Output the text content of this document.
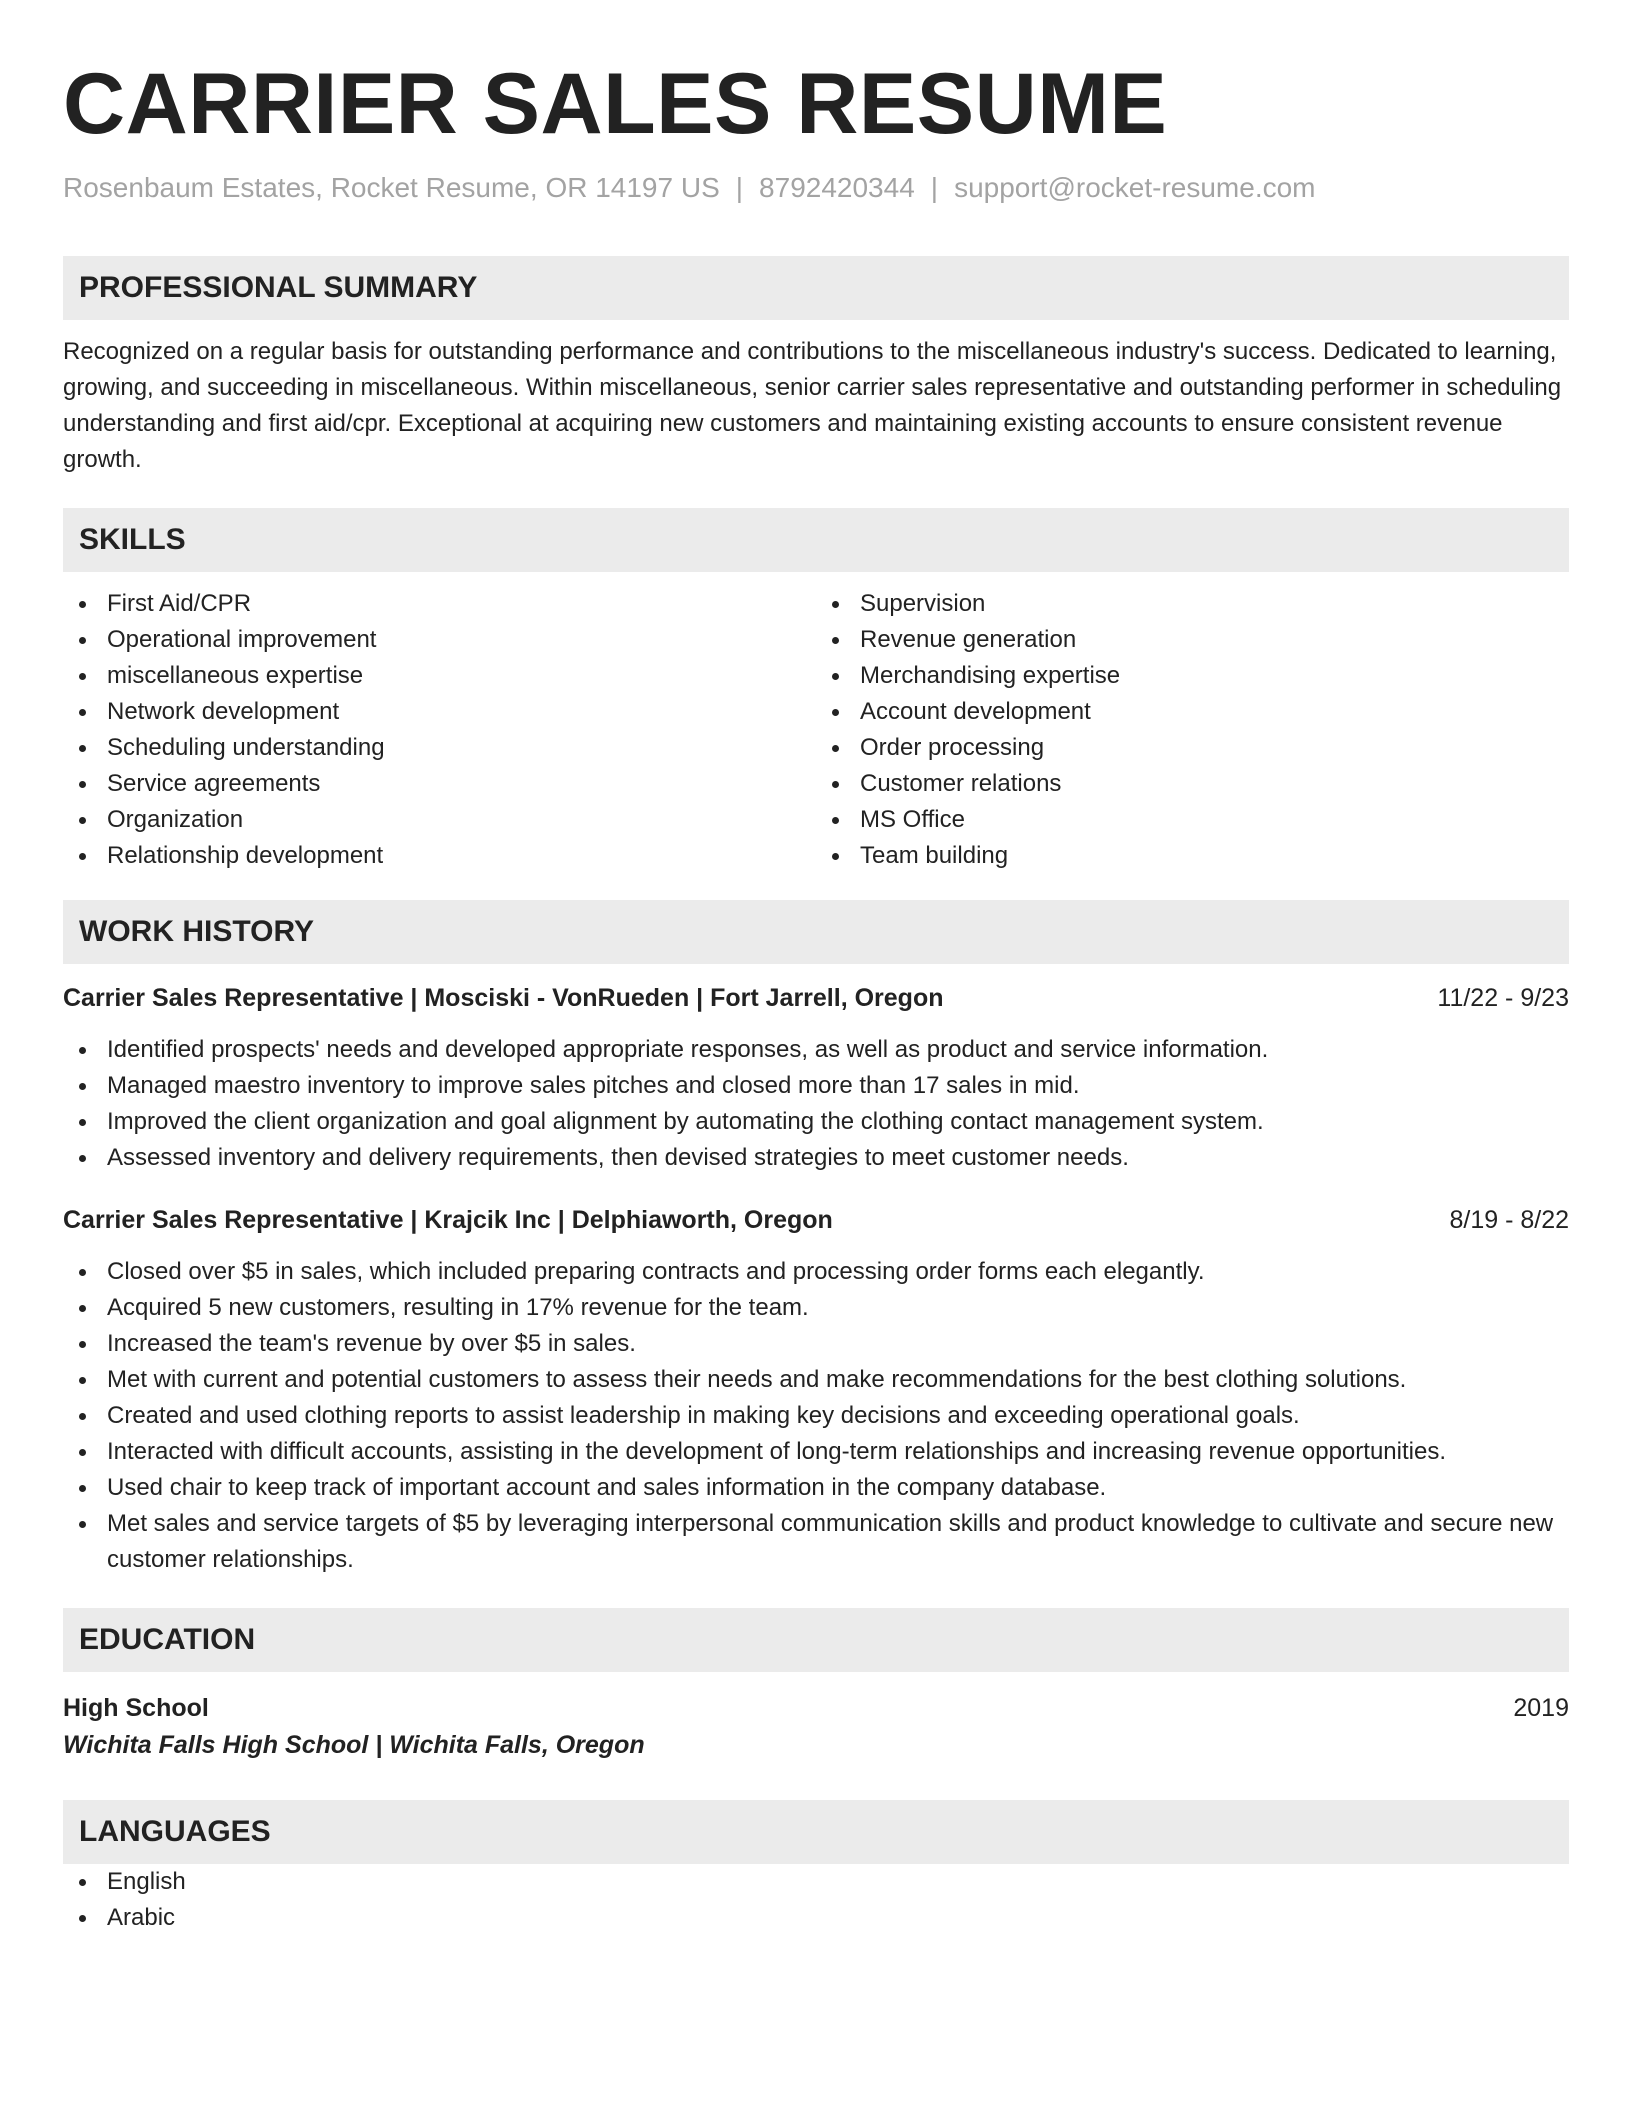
CARRIER SALES RESUME
Rosenbaum Estates, Rocket Resume, OR 14197 US | 8792420344 | support@rocket-resume.com
PROFESSIONAL SUMMARY

Recognized on a regular basis for outstanding performance and contributions to the miscellaneous industry's success. Dedicated to learning, growing, and succeeding in miscellaneous. Within miscellaneous, senior carrier sales representative and outstanding performer in scheduling understanding and first aid/cpr. Exceptional at acquiring new customers and maintaining existing accounts to ensure consistent revenue growth.

SKILLS
First Aid/CPR
Operational improvement
miscellaneous expertise
Network development
Scheduling understanding
Service agreements
Organization
Relationship development
Supervision
Revenue generation
Merchandising expertise
Account development
Order processing
Customer relations
MS Office
Team building
WORK HISTORY
Carrier Sales Representative | Mosciski - VonRueden | Fort Jarrell, Oregon	11/22 - 9/23
Identified prospects' needs and developed appropriate responses, as well as product and service information.
Managed maestro inventory to improve sales pitches and closed more than 17 sales in mid.
Improved the client organization and goal alignment by automating the clothing contact management system.
Assessed inventory and delivery requirements, then devised strategies to meet customer needs.
Carrier Sales Representative | Krajcik Inc | Delphiaworth, Oregon	8/19 - 8/22
Closed over $5 in sales, which included preparing contracts and processing order forms each elegantly.
Acquired 5 new customers, resulting in 17% revenue for the team.
Increased the team's revenue by over $5 in sales.
Met with current and potential customers to assess their needs and make recommendations for the best clothing solutions.
Created and used clothing reports to assist leadership in making key decisions and exceeding operational goals.
Interacted with difficult accounts, assisting in the development of long-term relationships and increasing revenue opportunities.
Used chair to keep track of important account and sales information in the company database.
Met sales and service targets of $5 by leveraging interpersonal communication skills and product knowledge to cultivate and secure new customer relationships.
EDUCATION
High School	2019
Wichita Falls High School | Wichita Falls, Oregon
LANGUAGES
English
Arabic
